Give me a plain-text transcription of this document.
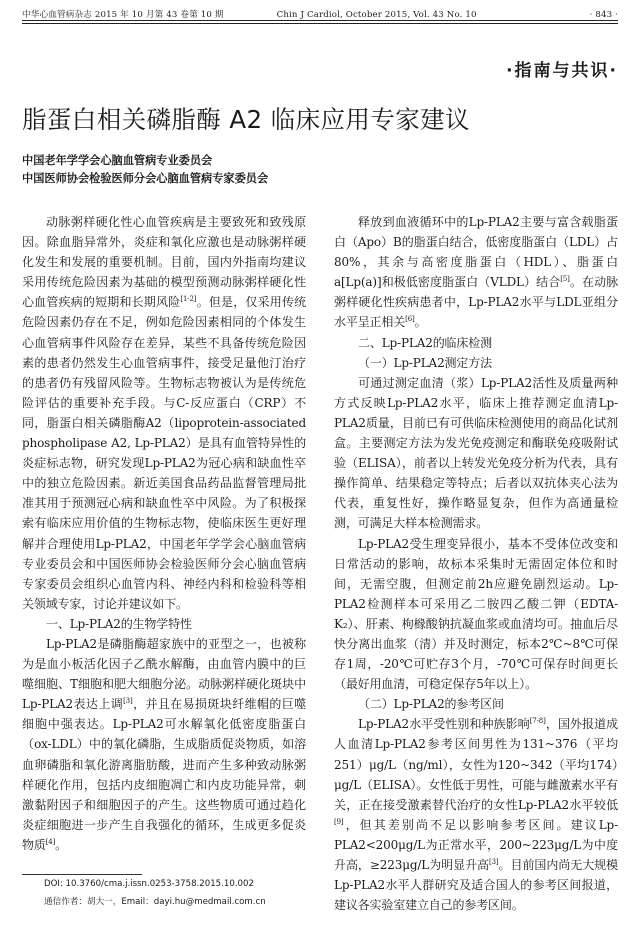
中华心血管病杂志 2015 年 10 月第 43 卷第 10 期	Chin J Cardiol, October 2015, Vol. 43 No. 10	· 843 ·
·指南与共识·
脂蛋白相关磷脂酶 A2 临床应用专家建议
中国老年学学会心脑血管病专业委员会
中国医师协会检验医师分会心脑血管病专家委员会

动脉粥样硬化性心血管疾病是主要致死和致残原因。除血脂异常外，炎症和氧化应激也是动脉粥样硬化发生和发展的重要机制。目前，国内外指南均建议采用传统危险因素为基础的模型预测动脉粥样硬化性心血管疾病的短期和长期风险[1-2]。但是，仅采用传统危险因素仍存在不足，例如危险因素相同的个体发生心血管病事件风险存在差异，某些不具备传统危险因素的患者仍然发生心血管病事件，接受足量他汀治疗的患者仍有残留风险等。生物标志物被认为是传统危险评估的重要补充手段。与C-反应蛋白（CRP）不同，脂蛋白相关磷脂酶A2（lipoprotein-associated phospholipase A2, Lp-PLA2）是具有血管特异性的炎症标志物，研究发现Lp-PLA2为冠心病和缺血性卒中的独立危险因素。新近美国食品药品监督管理局批准其用于预测冠心病和缺血性卒中风险。为了积极探索有临床应用价值的生物标志物，使临床医生更好理解并合理使用Lp-PLA2，中国老年学学会心脑血管病专业委员会和中国医师协会检验医师分会心脑血管病专家委员会组织心血管内科、神经内科和检验科等相关领域专家，讨论并建议如下。

一、Lp-PLA2的生物学特性

Lp-PLA2是磷脂酶超家族中的亚型之一，也被称为是血小板活化因子乙酰水解酶，由血管内膜中的巨噬细胞、T细胞和肥大细胞分泌。动脉粥样硬化斑块中Lp-PLA2表达上调[3]，并且在易损斑块纤维帽的巨噬细胞中强表达。Lp-PLA2可水解氧化低密度脂蛋白（ox-LDL）中的氧化磷脂，生成脂质促炎物质，如溶血卵磷脂和氧化游离脂肪酸，进而产生多种致动脉粥样硬化作用，包括内皮细胞凋亡和内皮功能异常，刺激黏附因子和细胞因子的产生。这些物质可通过趋化炎症细胞进一步产生自我强化的循环，生成更多促炎物质[4]。

释放到血液循环中的Lp-PLA2主要与富含载脂蛋白（Apo）B的脂蛋白结合，低密度脂蛋白（LDL）占80%，其余与高密度脂蛋白（HDL）、脂蛋白a[Lp(a)]和极低密度脂蛋白（VLDL）结合[5]。在动脉粥样硬化性疾病患者中，Lp-PLA2水平与LDL亚组分水平呈正相关[6]。

二、Lp-PLA2的临床检测

（一）Lp-PLA2测定方法

可通过测定血清（浆）Lp-PLA2活性及质量两种方式反映Lp-PLA2水平，临床上推荐测定血清Lp-PLA2质量，目前已有可供临床检测使用的商品化试剂盒。主要测定方法为发光免疫测定和酶联免疫吸附试验（ELISA），前者以上转发光免疫分析为代表，具有操作简单、结果稳定等特点；后者以双抗体夹心法为代表，重复性好，操作略显复杂，但作为高通量检测，可满足大样本检测需求。

Lp-PLA2受生理变异很小，基本不受体位改变和日常活动的影响，故标本采集时无需固定体位和时间，无需空腹，但测定前2h应避免剧烈运动。Lp-PLA2检测样本可采用乙二胺四乙酸二钾（EDTA-K₂）、肝素、枸橼酸钠抗凝血浆或血清均可。抽血后尽快分离出血浆（清）并及时测定，标本2℃~8℃可保存1周，-20℃可贮存3个月，-70℃可保存时间更长（最好用血清，可稳定保存5年以上）。

（二）Lp-PLA2的参考区间

Lp-PLA2水平受性别和种族影响[7-8]，国外报道成人血清Lp-PLA2参考区间男性为131~376（平均251）μg/L（ng/ml），女性为120~342（平均174）μg/L（ELISA）。女性低于男性，可能与雌激素水平有关，正在接受激素替代治疗的女性Lp-PLA2水平较低[9]，但其差别尚不足以影响参考区间。建议Lp-PLA2<200μg/L为正常水平，200~223μg/L为中度升高，≥223μg/L为明显升高[3]。目前国内尚无大规模Lp-PLA2水平人群研究及适合国人的参考区间报道，建议各实验室建立自己的参考区间。

DOI: 10.3760/cma.j.issn.0253-3758.2015.10.002
通信作者：胡大一，Email：dayi.hu@medmail.com.cn
